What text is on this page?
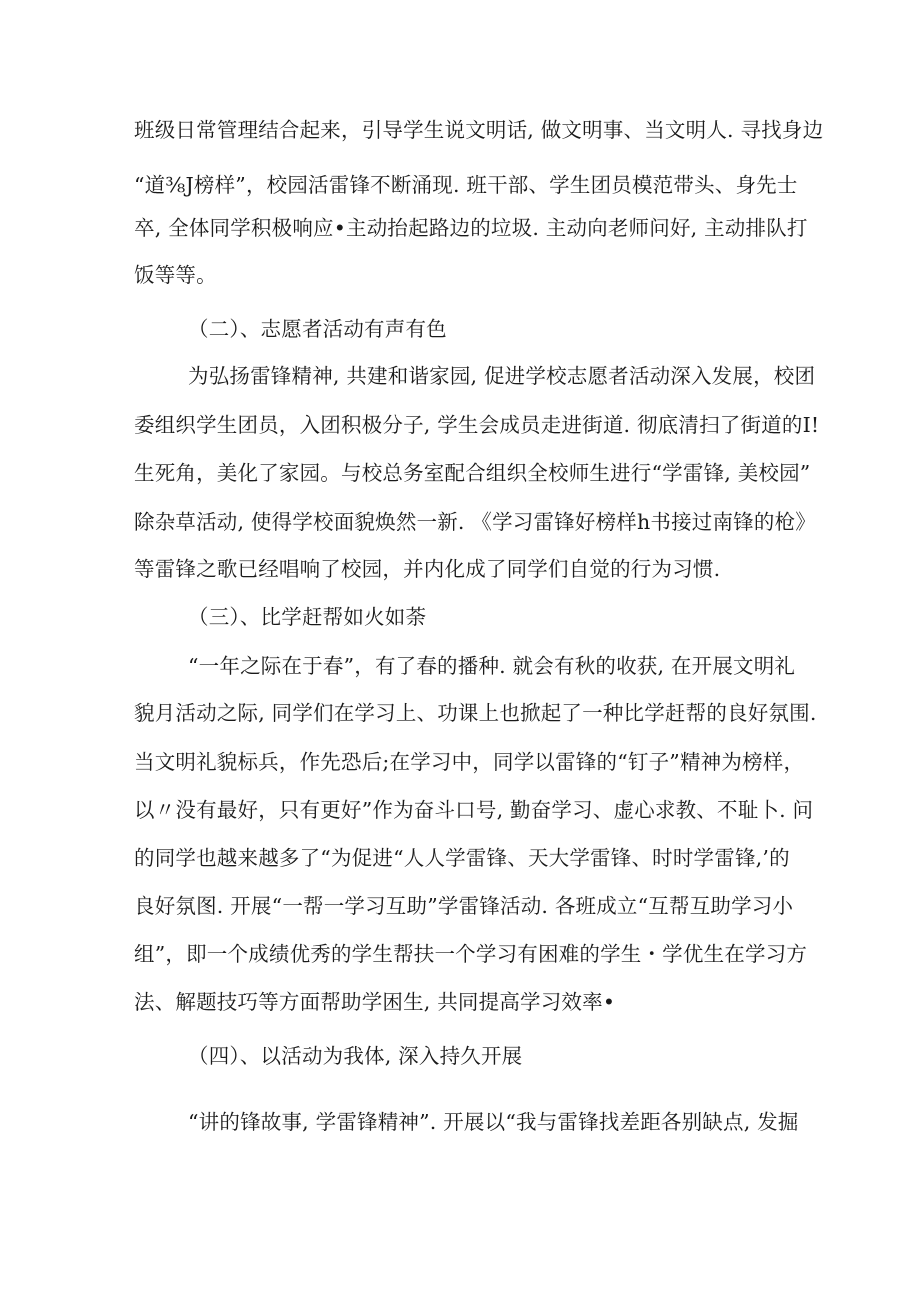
班级日常管理结合起来，引导学生说文明话, 做文明事、当文明人. 寻找身边
“道⅜J榜样”，校园活雷锋不断涌现. 班干部、学生团员模范带头、身先士
卒, 全体同学积极响应•主动抬起路边的垃圾. 主动向老师问好, 主动排队打
饭等等。
（二）、志愿者活动有声有色
为弘扬雷锋精神, 共建和谐家园, 促进学校志愿者活动深入发展，校团
委组织学生团员，入团积极分子, 学生会成员走进街道. 彻底清扫了街道的I!
生死角，美化了家园。与校总务室配合组织全校师生进行“学雷锋, 美校园”
除杂草活动, 使得学校面貌焕然一新. 《学习雷锋好榜样h书接过南锋的枪》
等雷锋之歌已经唱响了校园，并内化成了同学们自觉的行为习惯.
（三）、比学赶帮如火如荼
“一年之际在于春”，有了春的播种. 就会有秋的收获, 在开展文明礼
貌月活动之际, 同学们在学习上、功课上也掀起了一种比学赶帮的良好氛围.
当文明礼貌标兵，作先恐后;在学习中，同学以雷锋的“钉子”精神为榜样，
以〃没有最好，只有更好”作为奋斗口号, 勤奋学习、虚心求教、不耻卜. 问
的同学也越来越多了“为促进“人人学雷锋、天大学雷锋、时时学雷锋,’的
良好氛图. 开展“一帮一学习互助”学雷锋活动. 各班成立“互帮互助学习小
组”，即一个成绩优秀的学生帮扶一个学习有困难的学生・学优生在学习方
法、解题技巧等方面帮助学困生, 共同提高学习效率•
（四）、以活动为我体, 深入持久开展
“讲的锋故事, 学雷锋精神”. 开展以“我与雷锋找差距各别缺点, 发掘
